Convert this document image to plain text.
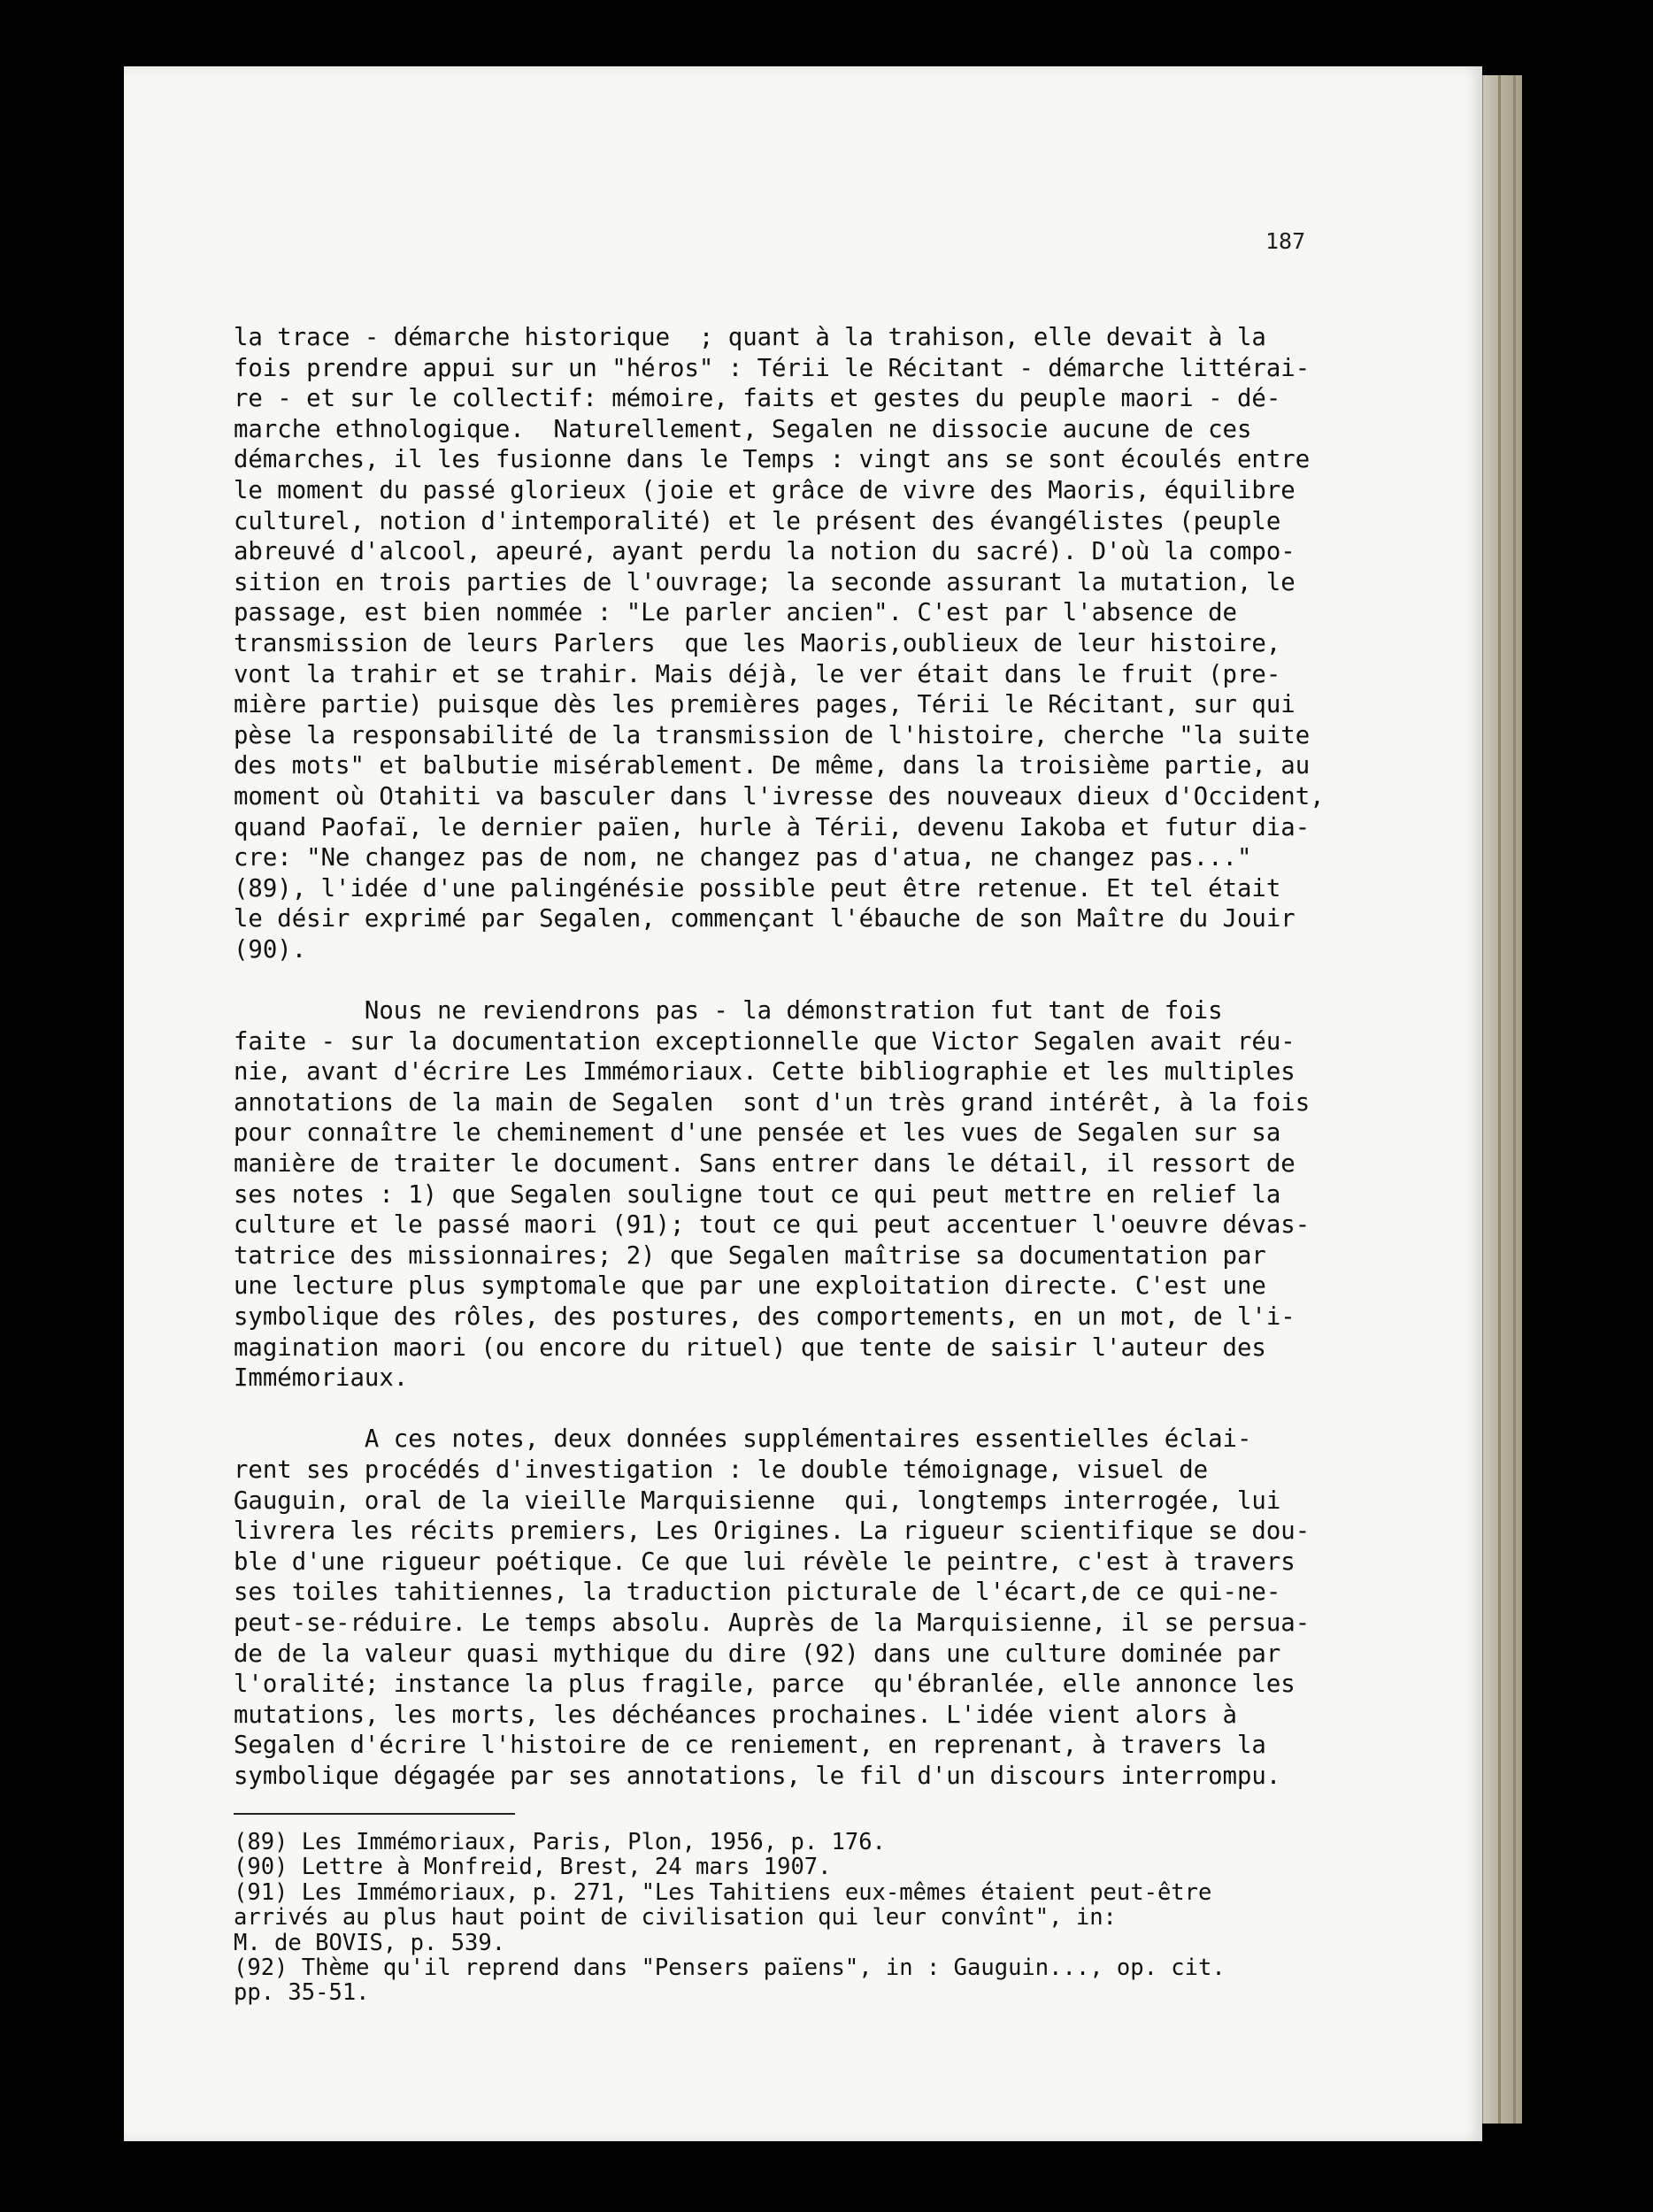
187
la trace - démarche historique  ; quant à la trahison, elle devait à la
fois prendre appui sur un "héros" : Térii le Récitant - démarche littérai-
re - et sur le collectif: mémoire, faits et gestes du peuple maori - dé-
marche ethnologique.  Naturellement, Segalen ne dissocie aucune de ces
démarches, il les fusionne dans le Temps : vingt ans se sont écoulés entre
le moment du passé glorieux (joie et grâce de vivre des Maoris, équilibre
culturel, notion d'intemporalité) et le présent des évangélistes (peuple
abreuvé d'alcool, apeuré, ayant perdu la notion du sacré). D'où la compo-
sition en trois parties de l'ouvrage; la seconde assurant la mutation, le
passage, est bien nommée : "Le parler ancien". C'est par l'absence de
transmission de leurs Parlers  que les Maoris,oublieux de leur histoire,
vont la trahir et se trahir. Mais déjà, le ver était dans le fruit (pre-
mière partie) puisque dès les premières pages, Térii le Récitant, sur qui
pèse la responsabilité de la transmission de l'histoire, cherche "la suite
des mots" et balbutie misérablement. De même, dans la troisième partie, au
moment où Otahiti va basculer dans l'ivresse des nouveaux dieux d'Occident,
quand Paofaï, le dernier païen, hurle à Térii, devenu Iakoba et futur dia-
cre: "Ne changez pas de nom, ne changez pas d'atua, ne changez pas..."
(89), l'idée d'une palingénésie possible peut être retenue. Et tel était
le désir exprimé par Segalen, commençant l'ébauche de son Maître du Jouir
(90).
Nous ne reviendrons pas - la démonstration fut tant de fois
faite - sur la documentation exceptionnelle que Victor Segalen avait réu-
nie, avant d'écrire Les Immémoriaux. Cette bibliographie et les multiples
annotations de la main de Segalen  sont d'un très grand intérêt, à la fois
pour connaître le cheminement d'une pensée et les vues de Segalen sur sa
manière de traiter le document. Sans entrer dans le détail, il ressort de
ses notes : 1) que Segalen souligne tout ce qui peut mettre en relief la
culture et le passé maori (91); tout ce qui peut accentuer l'oeuvre dévas-
tatrice des missionnaires; 2) que Segalen maîtrise sa documentation par
une lecture plus symptomale que par une exploitation directe. C'est une
symbolique des rôles, des postures, des comportements, en un mot, de l'i-
magination maori (ou encore du rituel) que tente de saisir l'auteur des
Immémoriaux.
A ces notes, deux données supplémentaires essentielles éclai-
rent ses procédés d'investigation : le double témoignage, visuel de
Gauguin, oral de la vieille Marquisienne  qui, longtemps interrogée, lui
livrera les récits premiers, Les Origines. La rigueur scientifique se dou-
ble d'une rigueur poétique. Ce que lui révèle le peintre, c'est à travers
ses toiles tahitiennes, la traduction picturale de l'écart,de ce qui-ne-
peut-se-réduire. Le temps absolu. Auprès de la Marquisienne, il se persua-
de de la valeur quasi mythique du dire (92) dans une culture dominée par
l'oralité; instance la plus fragile, parce  qu'ébranlée, elle annonce les
mutations, les morts, les déchéances prochaines. L'idée vient alors à
Segalen d'écrire l'histoire de ce reniement, en reprenant, à travers la
symbolique dégagée par ses annotations, le fil d'un discours interrompu.
(89) Les Immémoriaux, Paris, Plon, 1956, p. 176.
(90) Lettre à Monfreid, Brest, 24 mars 1907.
(91) Les Immémoriaux, p. 271, "Les Tahitiens eux-mêmes étaient peut-être
arrivés au plus haut point de civilisation qui leur convînt", in:
M. de BOVIS, p. 539.
(92) Thème qu'il reprend dans "Pensers païens", in : Gauguin..., op. cit.
pp. 35-51.
